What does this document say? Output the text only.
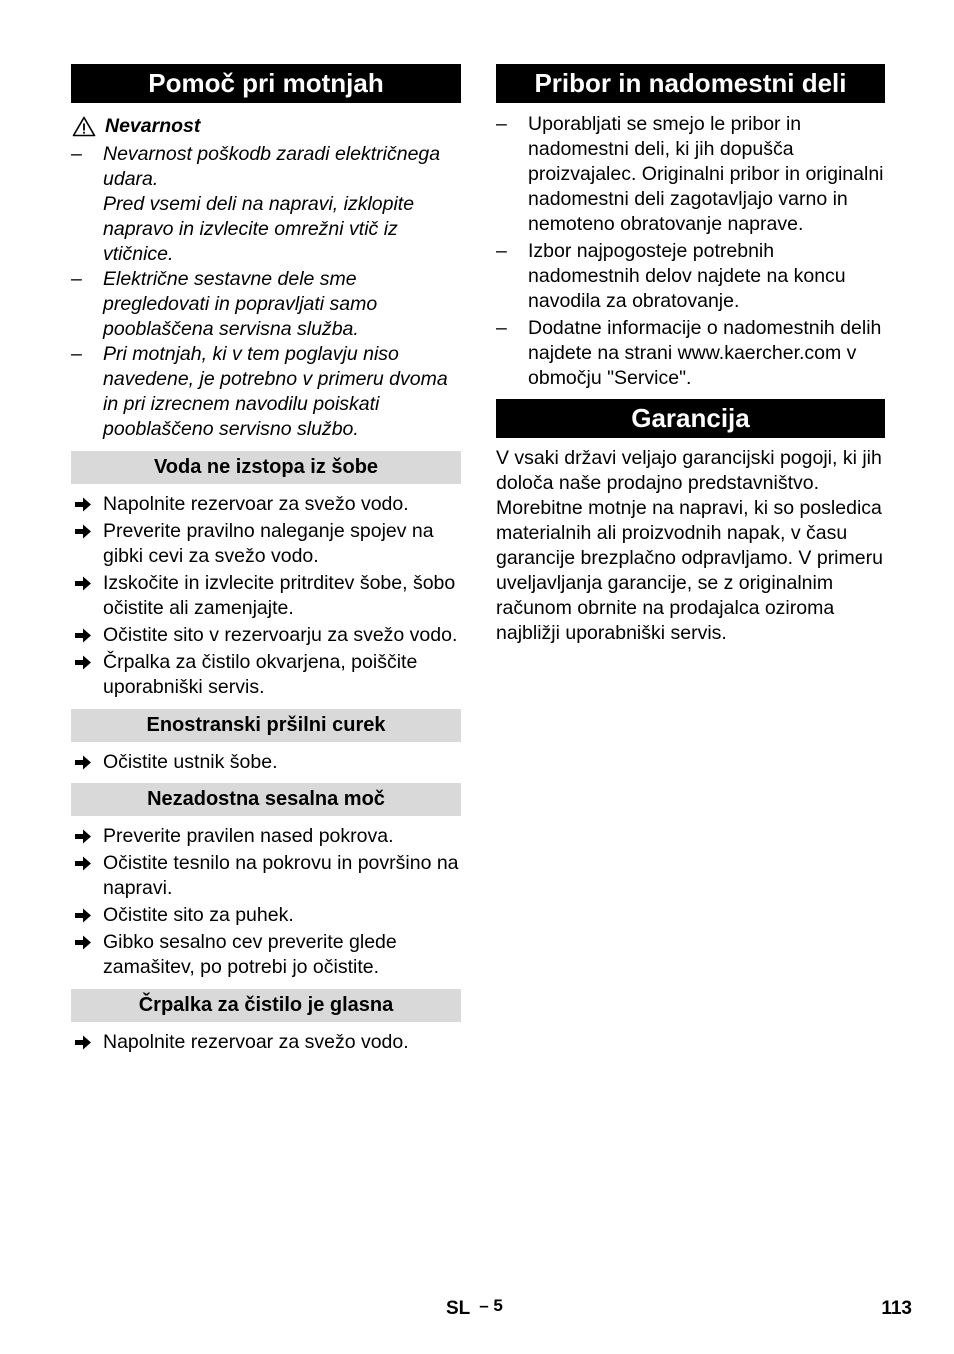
Pomoč pri motnjah
Nevarnost
– Nevarnost poškodb zaradi električnega udara.
Pred vsemi deli na napravi, izklopite napravo in izvlecite omrežni vtič iz vtičnice.
– Električne sestavne dele sme pregledovati in popravljati samo pooblaščena servisna služba.
– Pri motnjah, ki v tem poglavju niso navedene, je potrebno v primeru dvoma in pri izrecnem navodilu poiskati pooblaščeno servisno službo.
Voda ne izstopa iz šobe
Napolnite rezervoar za svežo vodo.
Preverite pravilno naleganje spojev na gibki cevi za svežo vodo.
Izskočite in izvlecite pritrditev šobe, šobo očistite ali zamenjajte.
Očistite sito v rezervoarju za svežo vodo.
Črpalka za čistilo okvarjena, poiščite uporabniški servis.
Enostranski pršilni curek
Očistite ustnik šobe.
Nezadostna sesalna moč
Preverite pravilen nased pokrova.
Očistite tesnilo na pokrovu in površino na napravi.
Očistite sito za puhek.
Gibko sesalno cev preverite glede zamašitev, po potrebi jo očistite.
Črpalka za čistilo je glasna
Napolnite rezervoar za svežo vodo.
Pribor in nadomestni deli
– Uporabljati se smejo le pribor in nadomestni deli, ki jih dopušča proizvajalec. Originalni pribor in originalni nadomestni deli zagotavljajo varno in nemoteno obratovanje naprave.
– Izbor najpogosteje potrebnih nadomestnih delov najdete na koncu navodila za obratovanje.
– Dodatne informacije o nadomestnih delih najdete na strani www.kaercher.com v območju "Service".
Garancija

V vsaki državi veljajo garancijski pogoji, ki jih določa naše prodajno predstavništvo. Morebitne motnje na napravi, ki so posledica materialnih ali proizvodnih napak, v času garancije brezplačno odpravljamo. V primeru uveljavljanja garancije, se z originalnim računom obrnite na prodajalca oziroma najbližji uporabniški servis.

SL – 5	113
